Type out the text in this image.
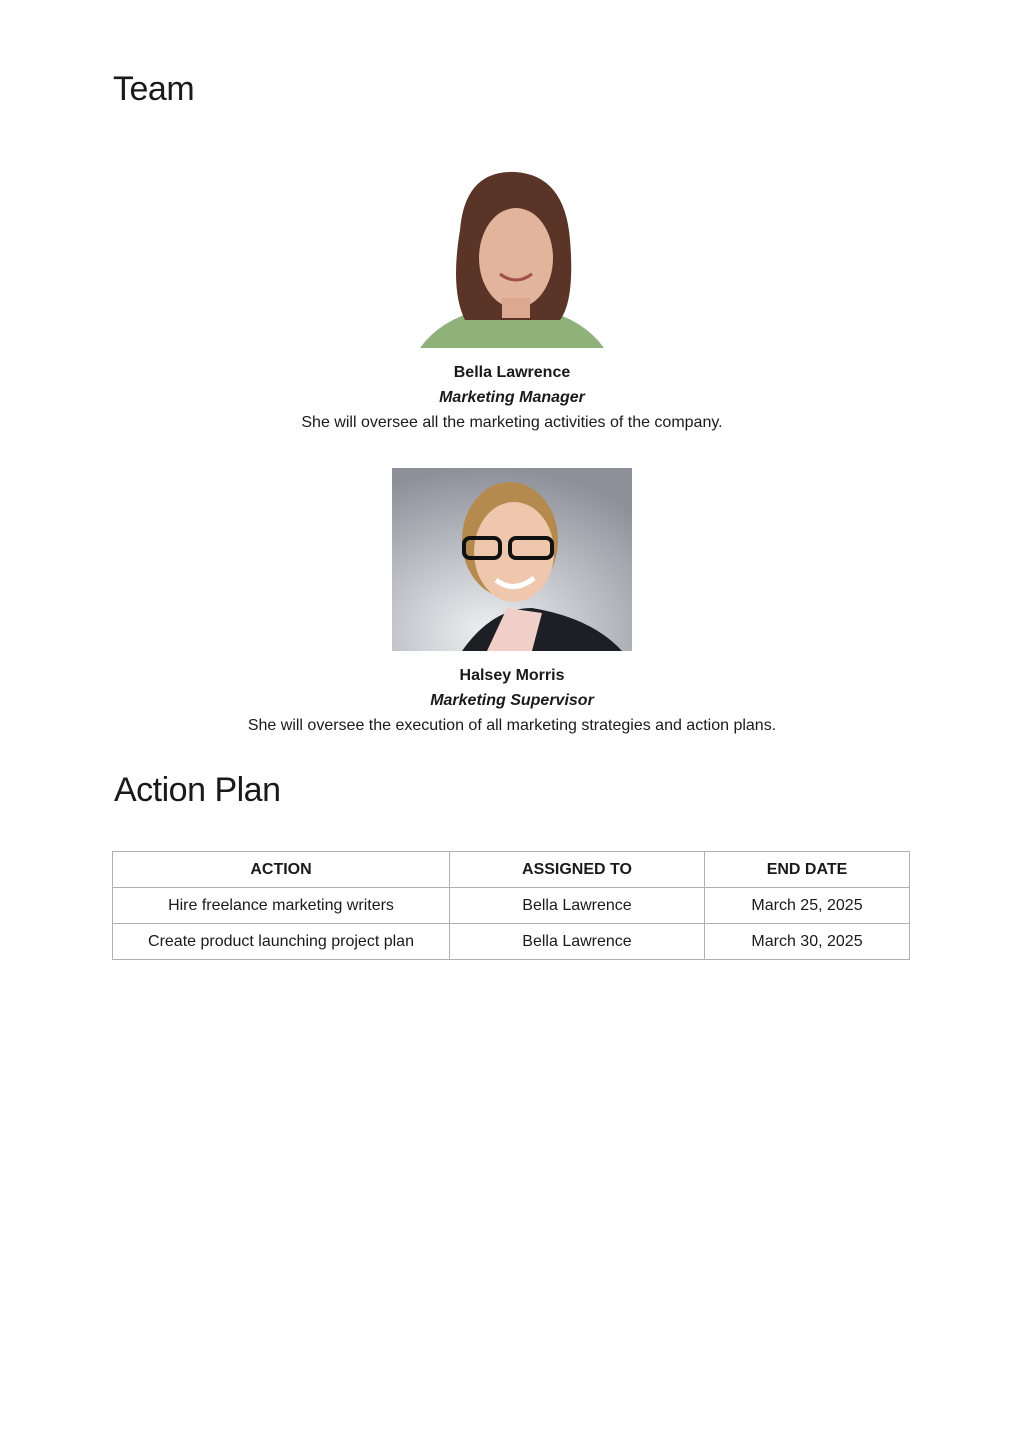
Team
Bella Lawrence
Marketing Manager
She will oversee all the marketing activities of the company.
Halsey Morris
Marketing Supervisor
She will oversee the execution of all marketing strategies and action plans.
Action Plan
ACTION	ASSIGNED TO	END DATE
Hire freelance marketing writers	Bella Lawrence	March 25, 2025
Create product launching project plan	Bella Lawrence	March 30, 2025
